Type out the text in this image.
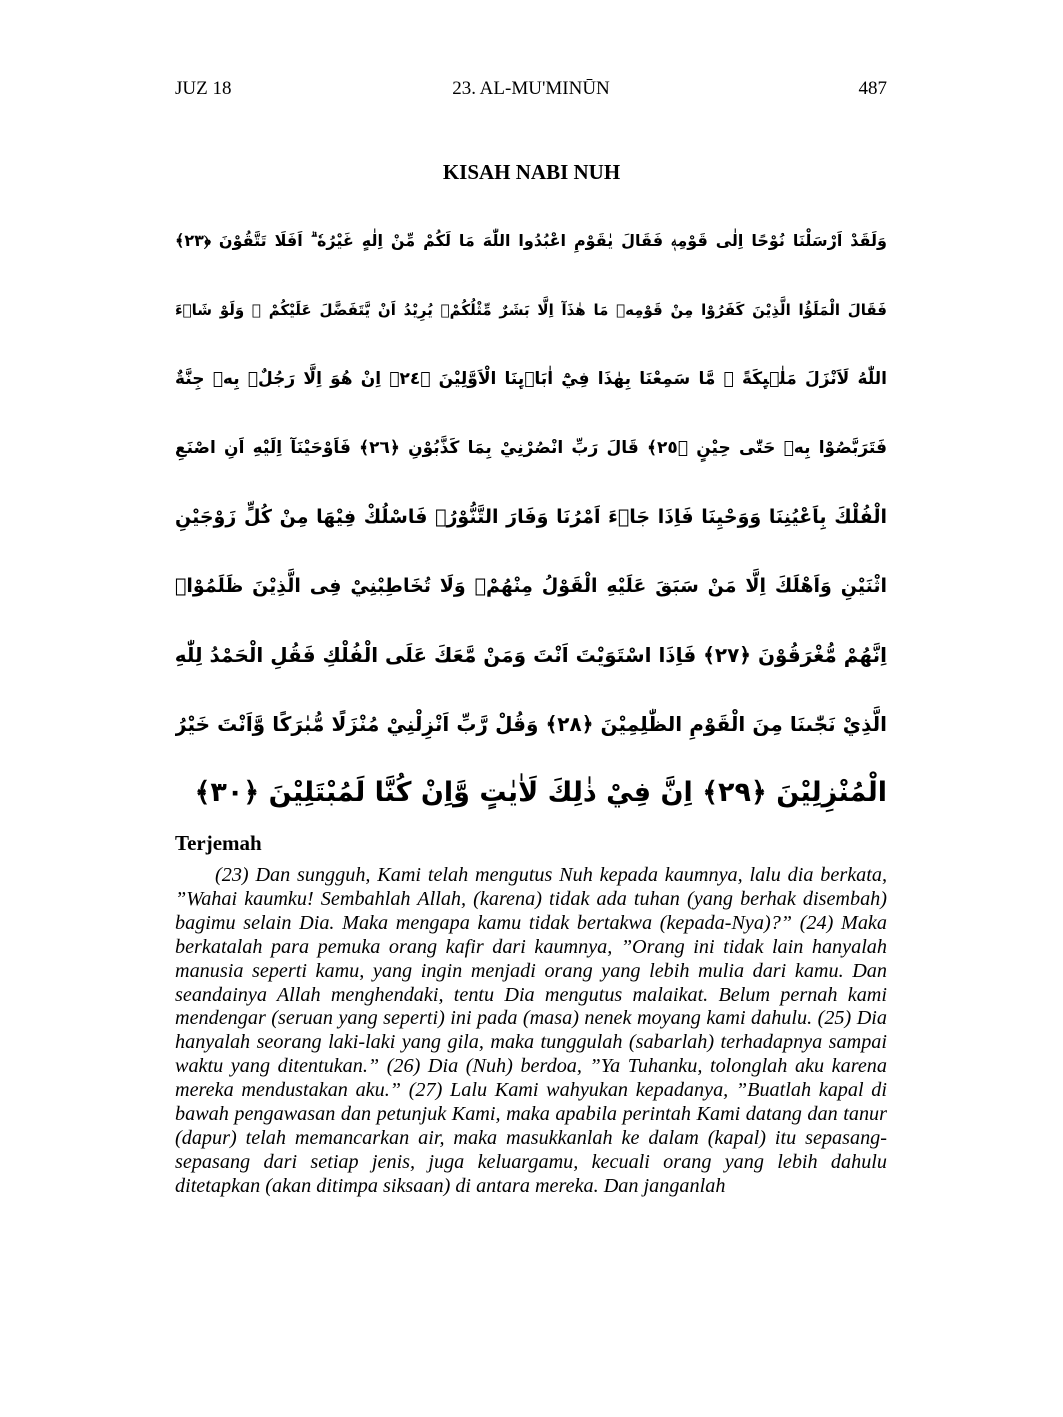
JUZ 18	23. AL-MU'MINŪN	487
KISAH NABI NUH
وَلَقَدْ اَرْسَلْنَا نُوْحًا اِلٰى قَوْمِهٖ فَقَالَ يٰقَوْمِ اعْبُدُوا اللّٰهَ مَا لَكُمْ مِّنْ اِلٰهٍ غَيْرُهٗ ۗ اَفَلَا تَتَّقُوْنَ ﴿٢٣﴾
فَقَالَ الْمَلَؤُا الَّذِيْنَ كَفَرُوْا مِنْ قَوْمِهٖ مَا هٰذَآ اِلَّا بَشَرٌ مِّثْلُكُمْۙ يُرِيْدُ اَنْ يَّتَفَضَّلَ عَلَيْكُمْ ۗ وَلَوْ شَاۤءَ
اللّٰهُ لَاَنْزَلَ مَلٰۤىِٕكَةً ۖ مَّا سَمِعْنَا بِهٰذَا فِيْٓ اٰبَاۤىِٕنَا الْاَوَّلِيْنَ ﴿٢٤﴾ اِنْ هُوَ اِلَّا رَجُلٌۢ بِهٖ جِنَّةٌ
فَتَرَبَّصُوْا بِهٖ حَتّٰى حِيْنٍ ﴿٢٥﴾ قَالَ رَبِّ انْصُرْنِيْ بِمَا كَذَّبُوْنِ ﴿٢٦﴾ فَاَوْحَيْنَآ اِلَيْهِ اَنِ اصْنَعِ
الْفُلْكَ بِاَعْيُنِنَا وَوَحْيِنَا فَاِذَا جَاۤءَ اَمْرُنَا وَفَارَ التَّنُّوْرُۙ فَاسْلُكْ فِيْهَا مِنْ كُلٍّ زَوْجَيْنِ
اثْنَيْنِ وَاَهْلَكَ اِلَّا مَنْ سَبَقَ عَلَيْهِ الْقَوْلُ مِنْهُمْۚ وَلَا تُخَاطِبْنِيْ فِى الَّذِيْنَ ظَلَمُوْاۚ
اِنَّهُمْ مُّغْرَقُوْنَ ﴿٢٧﴾ فَاِذَا اسْتَوَيْتَ اَنْتَ وَمَنْ مَّعَكَ عَلَى الْفُلْكِ فَقُلِ الْحَمْدُ لِلّٰهِ
الَّذِيْ نَجّٰىنَا مِنَ الْقَوْمِ الظّٰلِمِيْنَ ﴿٢٨﴾ وَقُلْ رَّبِّ اَنْزِلْنِيْ مُنْزَلًا مُّبٰرَكًا وَّاَنْتَ خَيْرُ
الْمُنْزِلِيْنَ ﴿٢٩﴾ اِنَّ فِيْ ذٰلِكَ لَاٰيٰتٍ وَّاِنْ كُنَّا لَمُبْتَلِيْنَ ﴿٣٠﴾
Terjemah

(23) Dan sungguh, Kami telah mengutus Nuh kepada kaumnya, lalu dia berkata, ”Wahai kaumku! Sembahlah Allah, (karena) tidak ada tuhan (yang berhak disembah) bagimu selain Dia. Maka mengapa kamu tidak bertakwa (kepada-Nya)?” (24) Maka berkatalah para pemuka orang kafir dari kaumnya, ”Orang ini tidak lain hanyalah manusia seperti kamu, yang ingin menjadi orang yang lebih mulia dari kamu. Dan seandainya Allah menghendaki, tentu Dia mengutus malaikat. Belum pernah kami mendengar (seruan yang seperti) ini pada (masa) nenek moyang kami dahulu. (25) Dia hanyalah seorang laki-laki yang gila, maka tunggulah (sabarlah) terhadapnya sampai waktu yang ditentukan.” (26) Dia (Nuh) berdoa, ”Ya Tuhanku, tolonglah aku karena mereka mendustakan aku.” (27) Lalu Kami wahyukan kepadanya, ”Buatlah kapal di bawah pengawasan dan petunjuk Kami, maka apabila perintah Kami datang dan tanur (dapur) telah memancarkan air, maka masukkanlah ke dalam (kapal) itu sepasang-sepasang dari setiap jenis, juga keluargamu, kecuali orang yang lebih dahulu ditetapkan (akan ditimpa siksaan) di antara mereka. Dan janganlah
